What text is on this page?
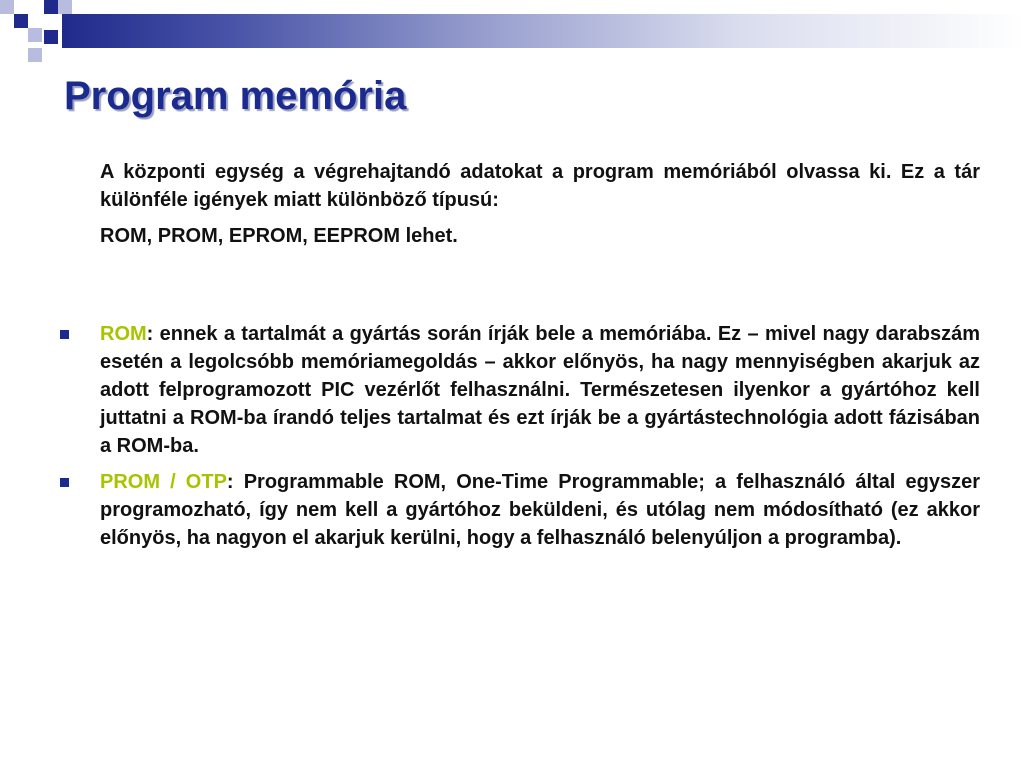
Program memória

A központi egység a végrehajtandó adatokat a program memóriából olvassa ki. Ez a tár különféle igények miatt különböző típusú:

ROM, PROM, EPROM, EEPROM lehet.

ROM: ennek a tartalmát a gyártás során írják bele a memóriába. Ez – mivel nagy darabszám esetén a legolcsóbb memóriamegoldás – akkor előnyös, ha nagy mennyiségben akarjuk az adott felprogramozott PIC vezérlőt felhasználni. Természetesen ilyenkor a gyártóhoz kell juttatni a ROM-ba írandó teljes tartalmat és ezt írják be a gyártástechnológia adott fázisában a ROM-ba.
PROM / OTP: Programmable ROM, One-Time Programmable; a felhasználó által egyszer programozható, így nem kell a gyártóhoz beküldeni, és utólag nem módosítható (ez akkor előnyös, ha nagyon el akarjuk kerülni, hogy a felhasználó belenyúljon a programba).
